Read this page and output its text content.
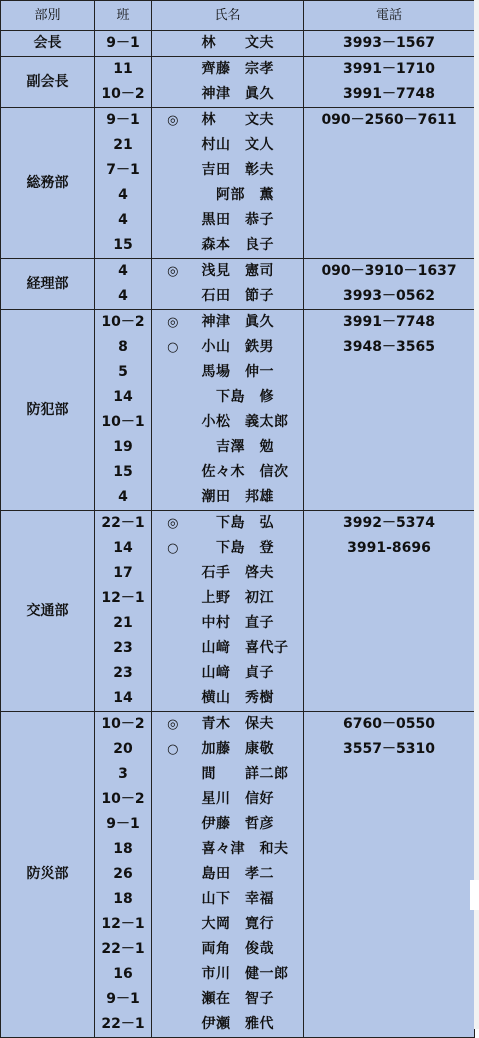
部別	班	氏名		電話
会長	9－1		林　　文夫	3993－1567
副会長	11		齊藤　宗孝	3991－1710
	10－2		神津　眞久	3991－7748
総務部	9－1	◎	林　　文夫	090－2560－7611
	21		村山　文人	
	7－1		吉田　彰夫	
	4		　阿部　薫	
	4		黒田　恭子	
	15		森本　良子	
経理部	4	◎	浅見　憲司	090－3910－1637
	4		石田　節子	3993－0562
防犯部	10－2	◎	神津　眞久	3991－7748
	8	○	小山　鉄男	3948－3565
	5		馬場　伸一	
	14		　下島　修	
	10－1		小松　義太郎	
	19		　吉澤　勉	
	15		佐々木　信次	
	4		潮田　邦雄	
交通部	22－1	◎	　下島　弘	3992－5374
	14	○	　下島　登	3991-8696
	17		石手　啓夫	
	12－1		上野　初江	
	21		中村　直子	
	23		山﨑　喜代子	
	23		山﨑　貞子	
	14		横山　秀樹	
防災部	10－2	◎	青木　保夫	6760－0550
	20	○	加藤　康敬	3557－5310
	3		間　　詳二郎	
	10－2		星川　信好	
	9－1		伊藤　哲彦	
	18		喜々津　和夫	
	26		島田　孝二	
	18		山下　幸福	
	12－1		大岡　寛行	
	22－1		両角　俊哉	
	16		市川　健一郎	
	9－1		瀬在　智子	
	22－1		伊瀬　雅代	
